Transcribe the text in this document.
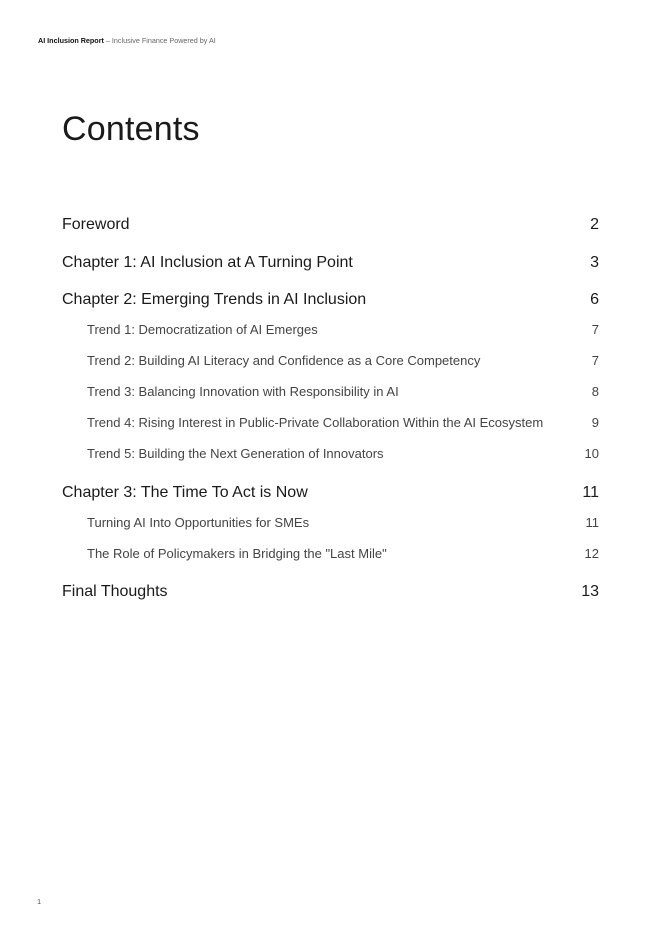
AI Inclusion Report – Inclusive Finance Powered by AI
Contents
Foreword	2
Chapter 1: AI Inclusion at A Turning Point	3
Chapter 2: Emerging Trends in AI Inclusion	6
Trend 1: Democratization of AI Emerges	7
Trend 2: Building AI Literacy and Confidence as a Core Competency	7
Trend 3: Balancing Innovation with Responsibility in AI	8
Trend 4: Rising Interest in Public-Private Collaboration Within the AI Ecosystem	9
Trend 5: Building the Next Generation of Innovators	10
Chapter 3: The Time To Act is Now	11
Turning AI Into Opportunities for SMEs	11
The Role of Policymakers in Bridging the "Last Mile"	12
Final Thoughts	13
1
